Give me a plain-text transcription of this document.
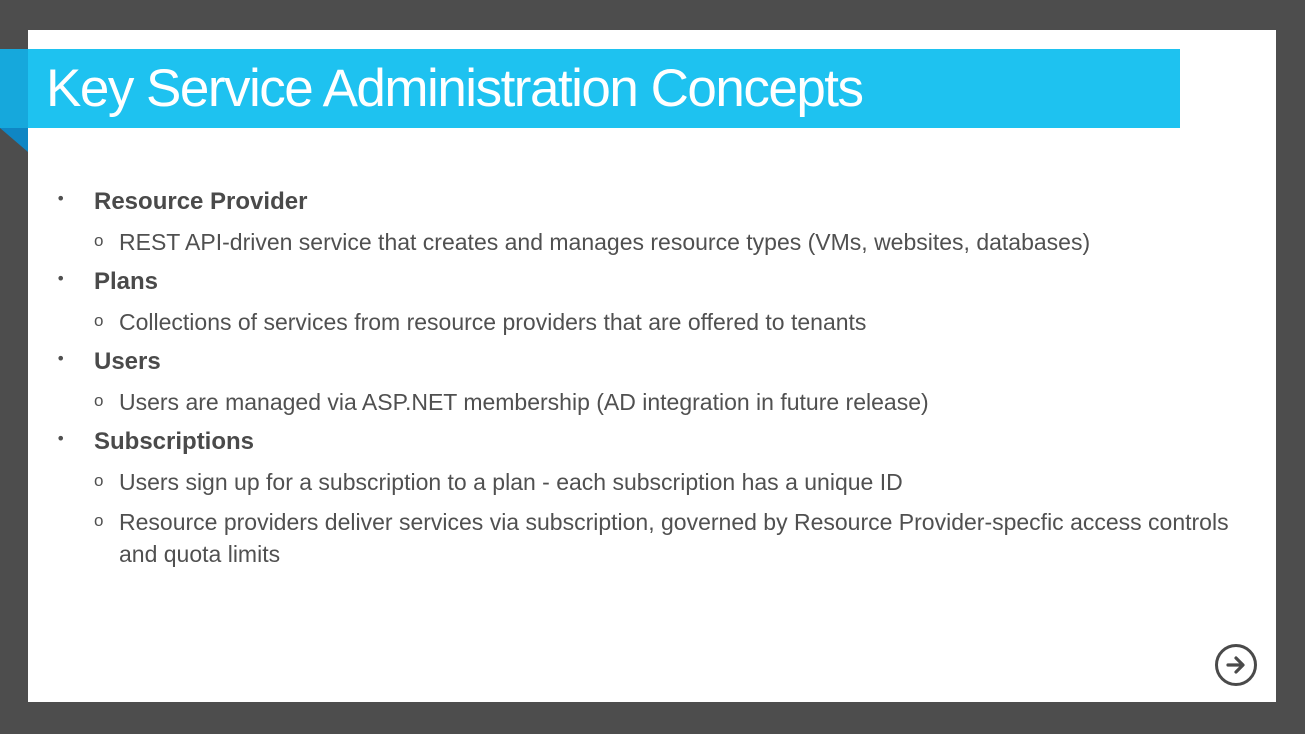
Key Service Administration Concepts
• Resource Provider
o REST API-driven service that creates and manages resource types (VMs, websites, databases)
• Plans
o Collections of services from resource providers that are offered to tenants
• Users
o Users are managed via ASP.NET membership (AD integration in future release)
• Subscriptions
o Users sign up for a subscription to a plan - each subscription has a unique ID
o Resource providers deliver services via subscription, governed by Resource Provider-specfic access controls and quota limits
